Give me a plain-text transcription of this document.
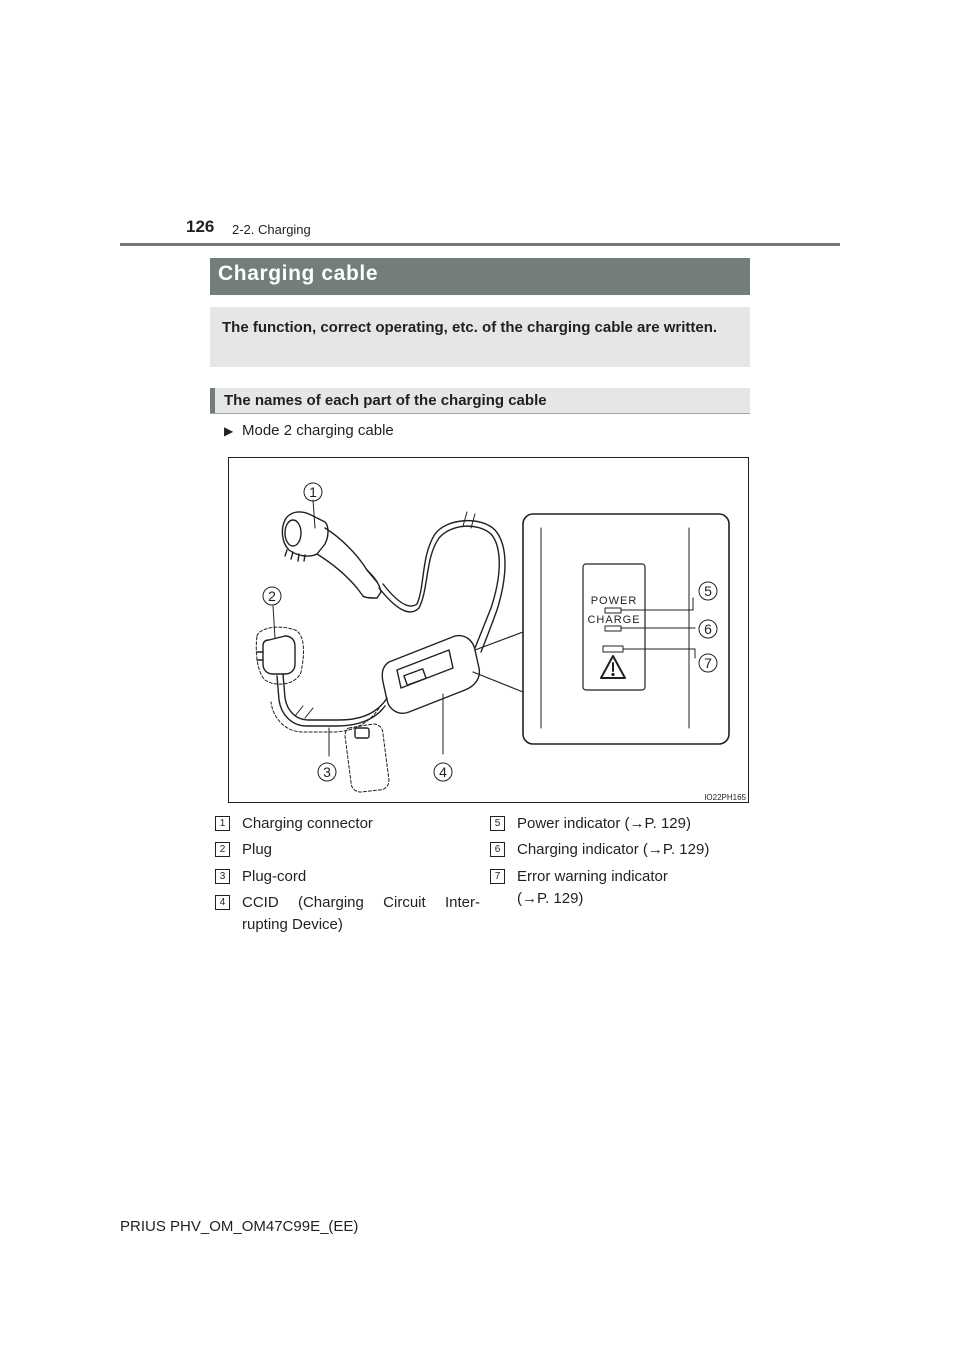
126 2-2. Charging
Charging cable
The function, correct operating, etc. of the charging cable are written.
The names of each part of the charging cable
▶ Mode 2 charging cable
POWER
CHARGE
1
2
3	4
5
6
7
IO22PH165
1	Charging connector
2	Plug
3	Plug-cord
4	CCID (Charging Circuit Inter-
rupting Device)
5	Power indicator (→P. 129)
6	Charging indicator (→P. 129)
7	Error warning indicator
(→P. 129)
PRIUS PHV_OM_OM47C99E_(EE)
